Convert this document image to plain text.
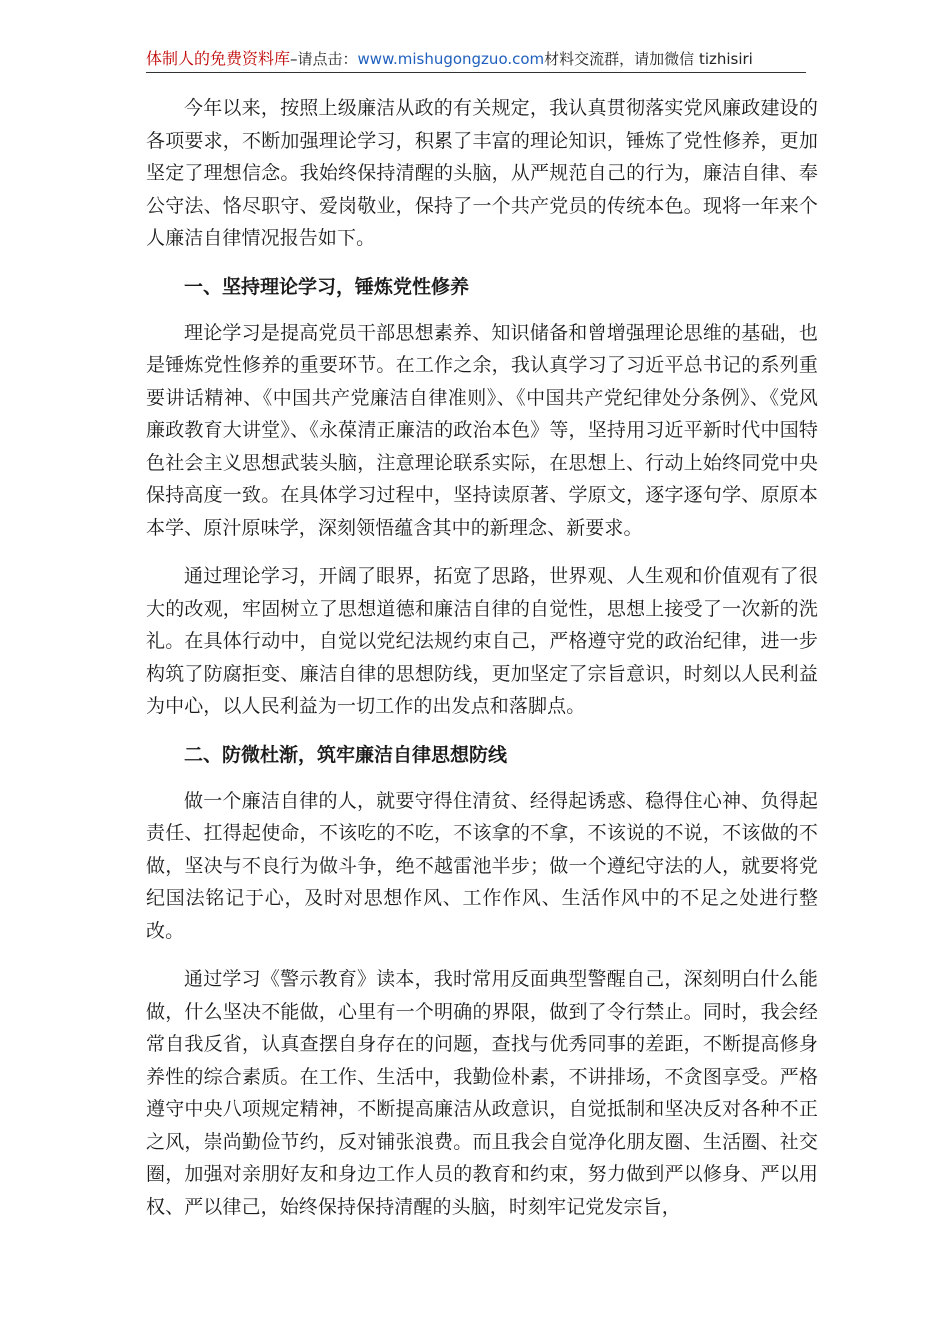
体制人的免费资料库–请点击：www.mishugongzuo.com材料交流群，请加微信 tizhisiri

今年以来，按照上级廉洁从政的有关规定，我认真贯彻落实党风廉政建设的各项要求，不断加强理论学习，积累了丰富的理论知识，锤炼了党性修养，更加坚定了理想信念。我始终保持清醒的头脑，从严规范自己的行为，廉洁自律、奉公守法、恪尽职守、爱岗敬业，保持了一个共产党员的传统本色。现将一年来个人廉洁自律情况报告如下。

一、坚持理论学习，锤炼党性修养

理论学习是提高党员干部思想素养、知识储备和曾增强理论思维的基础，也是锤炼党性修养的重要环节。在工作之余，我认真学习了习近平总书记的系列重要讲话精神、《中国共产党廉洁自律准则》、《中国共产党纪律处分条例》、《党风廉政教育大讲堂》、《永葆清正廉洁的政治本色》等，坚持用习近平新时代中国特色社会主义思想武装头脑，注意理论联系实际，在思想上、行动上始终同党中央保持高度一致。在具体学习过程中，坚持读原著、学原文，逐字逐句学、原原本本学、原汁原味学，深刻领悟蕴含其中的新理念、新要求。

通过理论学习，开阔了眼界，拓宽了思路，世界观、人生观和价值观有了很大的改观，牢固树立了思想道德和廉洁自律的自觉性，思想上接受了一次新的洗礼。在具体行动中，自觉以党纪法规约束自己，严格遵守党的政治纪律，进一步构筑了防腐拒变、廉洁自律的思想防线，更加坚定了宗旨意识，时刻以人民利益为中心，以人民利益为一切工作的出发点和落脚点。

二、防微杜渐，筑牢廉洁自律思想防线

做一个廉洁自律的人，就要守得住清贫、经得起诱惑、稳得住心神、负得起责任、扛得起使命，不该吃的不吃，不该拿的不拿，不该说的不说，不该做的不做，坚决与不良行为做斗争，绝不越雷池半步；做一个遵纪守法的人，就要将党纪国法铭记于心，及时对思想作风、工作作风、生活作风中的不足之处进行整改。

通过学习《警示教育》读本，我时常用反面典型警醒自己，深刻明白什么能做，什么坚决不能做，心里有一个明确的界限，做到了令行禁止。同时，我会经常自我反省，认真查摆自身存在的问题，查找与优秀同事的差距，不断提高修身养性的综合素质。在工作、生活中，我勤俭朴素，不讲排场，不贪图享受。严格遵守中央八项规定精神，不断提高廉洁从政意识，自觉抵制和坚决反对各种不正之风，崇尚勤俭节约，反对铺张浪费。而且我会自觉净化朋友圈、生活圈、社交圈，加强对亲朋好友和身边工作人员的教育和约束，努力做到严以修身、严以用权、严以律己，始终保持保持清醒的头脑，时刻牢记党发宗旨，
